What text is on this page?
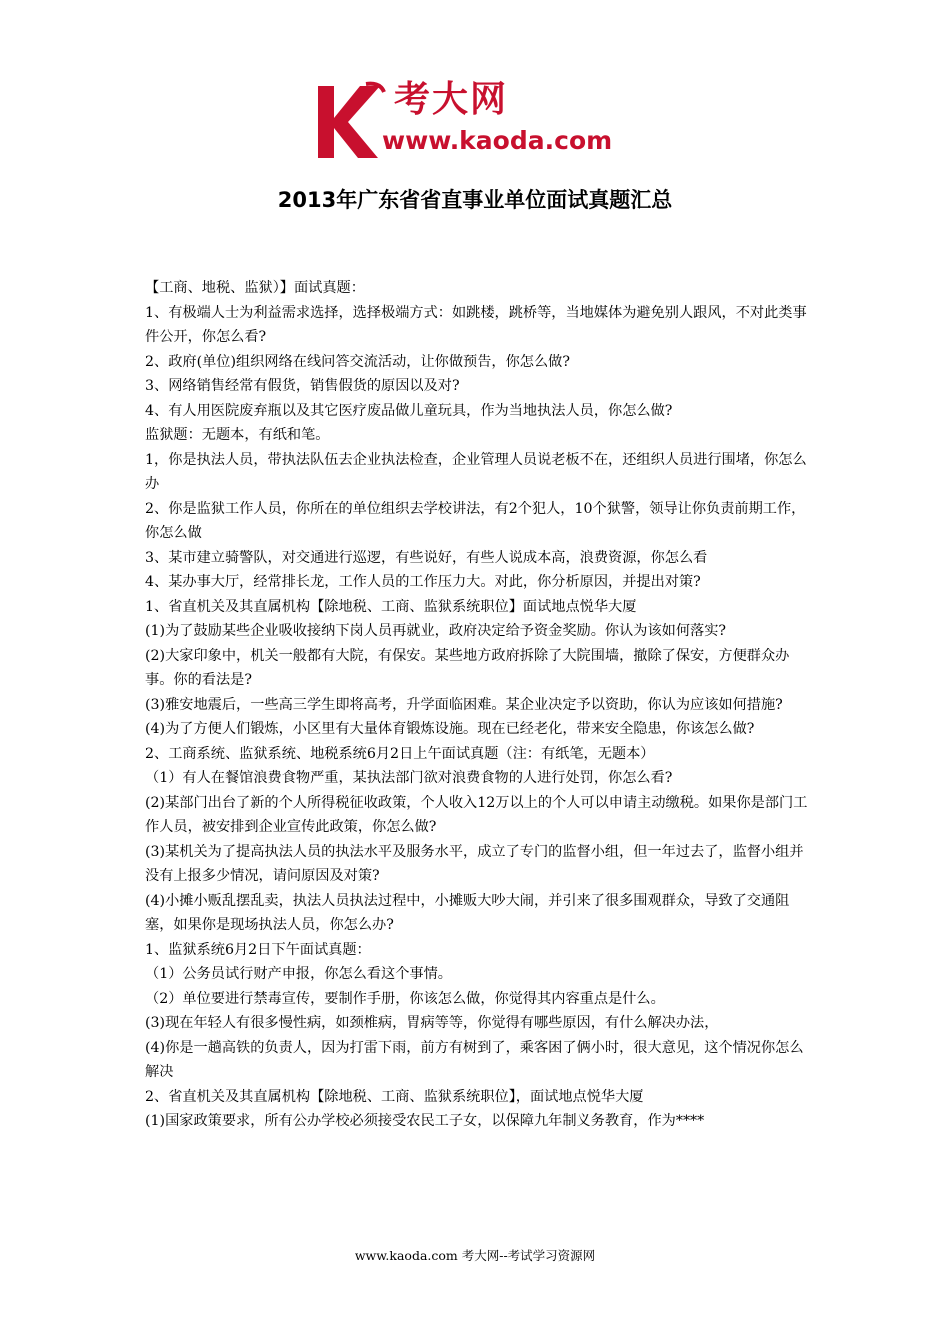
考大网
www.kaoda.com
2013年广东省省直事业单位面试真题汇总

【工商、地税、监狱）】面试真题：

1、有极端人士为利益需求选择，选择极端方式：如跳楼，跳桥等，当地媒体为避免别人跟风，不对此类事件公开，你怎么看?

2、政府(单位)组织网络在线问答交流活动，让你做预告，你怎么做?

3、网络销售经常有假货，销售假货的原因以及对?

4、有人用医院废弃瓶以及其它医疗废品做儿童玩具，作为当地执法人员，你怎么做?

监狱题：无题本，有纸和笔。

1，你是执法人员，带执法队伍去企业执法检查，企业管理人员说老板不在，还组织人员进行围堵，你怎么办

2、你是监狱工作人员，你所在的单位组织去学校讲法，有2个犯人，10个狱警，领导让你负责前期工作，你怎么做

3、某市建立骑警队，对交通进行巡逻，有些说好，有些人说成本高，浪费资源，你怎么看

4、某办事大厅，经常排长龙，工作人员的工作压力大。对此，你分析原因，并提出对策?

1、省直机关及其直属机构【除地税、工商、监狱系统职位】面试地点悦华大厦

(1)为了鼓励某些企业吸收接纳下岗人员再就业，政府决定给予资金奖励。你认为该如何落实?

(2)大家印象中，机关一般都有大院，有保安。某些地方政府拆除了大院围墙，撤除了保安，方便群众办事。你的看法是?

(3)雅安地震后，一些高三学生即将高考，升学面临困难。某企业决定予以资助，你认为应该如何措施?

(4)为了方便人们锻炼，小区里有大量体育锻炼设施。现在已经老化，带来安全隐患，你该怎么做?

2、工商系统、监狱系统、地税系统6月2日上午面试真题（注：有纸笔，无题本）

（1）有人在餐馆浪费食物严重，某执法部门欲对浪费食物的人进行处罚，你怎么看?

(2)某部门出台了新的个人所得税征收政策，个人收入12万以上的个人可以申请主动缴税。如果你是部门工作人员，被安排到企业宣传此政策，你怎么做?

(3)某机关为了提高执法人员的执法水平及服务水平，成立了专门的监督小组，但一年过去了，监督小组并没有上报多少情况，请问原因及对策?

(4)小摊小贩乱摆乱卖，执法人员执法过程中，小摊贩大吵大闹，并引来了很多围观群众，导致了交通阻塞，如果你是现场执法人员，你怎么办?

1、监狱系统6月2日下午面试真题：

（1）公务员试行财产申报，你怎么看这个事情。

（2）单位要进行禁毒宣传，要制作手册，你该怎么做，你觉得其内容重点是什么。

(3)现在年轻人有很多慢性病，如颈椎病，胃病等等，你觉得有哪些原因，有什么解决办法，

(4)你是一趟高铁的负责人，因为打雷下雨，前方有树到了，乘客困了俩小时，很大意见，这个情况你怎么解决

2、省直机关及其直属机构【除地税、工商、监狱系统职位】，面试地点悦华大厦

(1)国家政策要求，所有公办学校必须接受农民工子女，以保障九年制义务教育，作为****

www.kaoda.com 考大网--考试学习资源网
